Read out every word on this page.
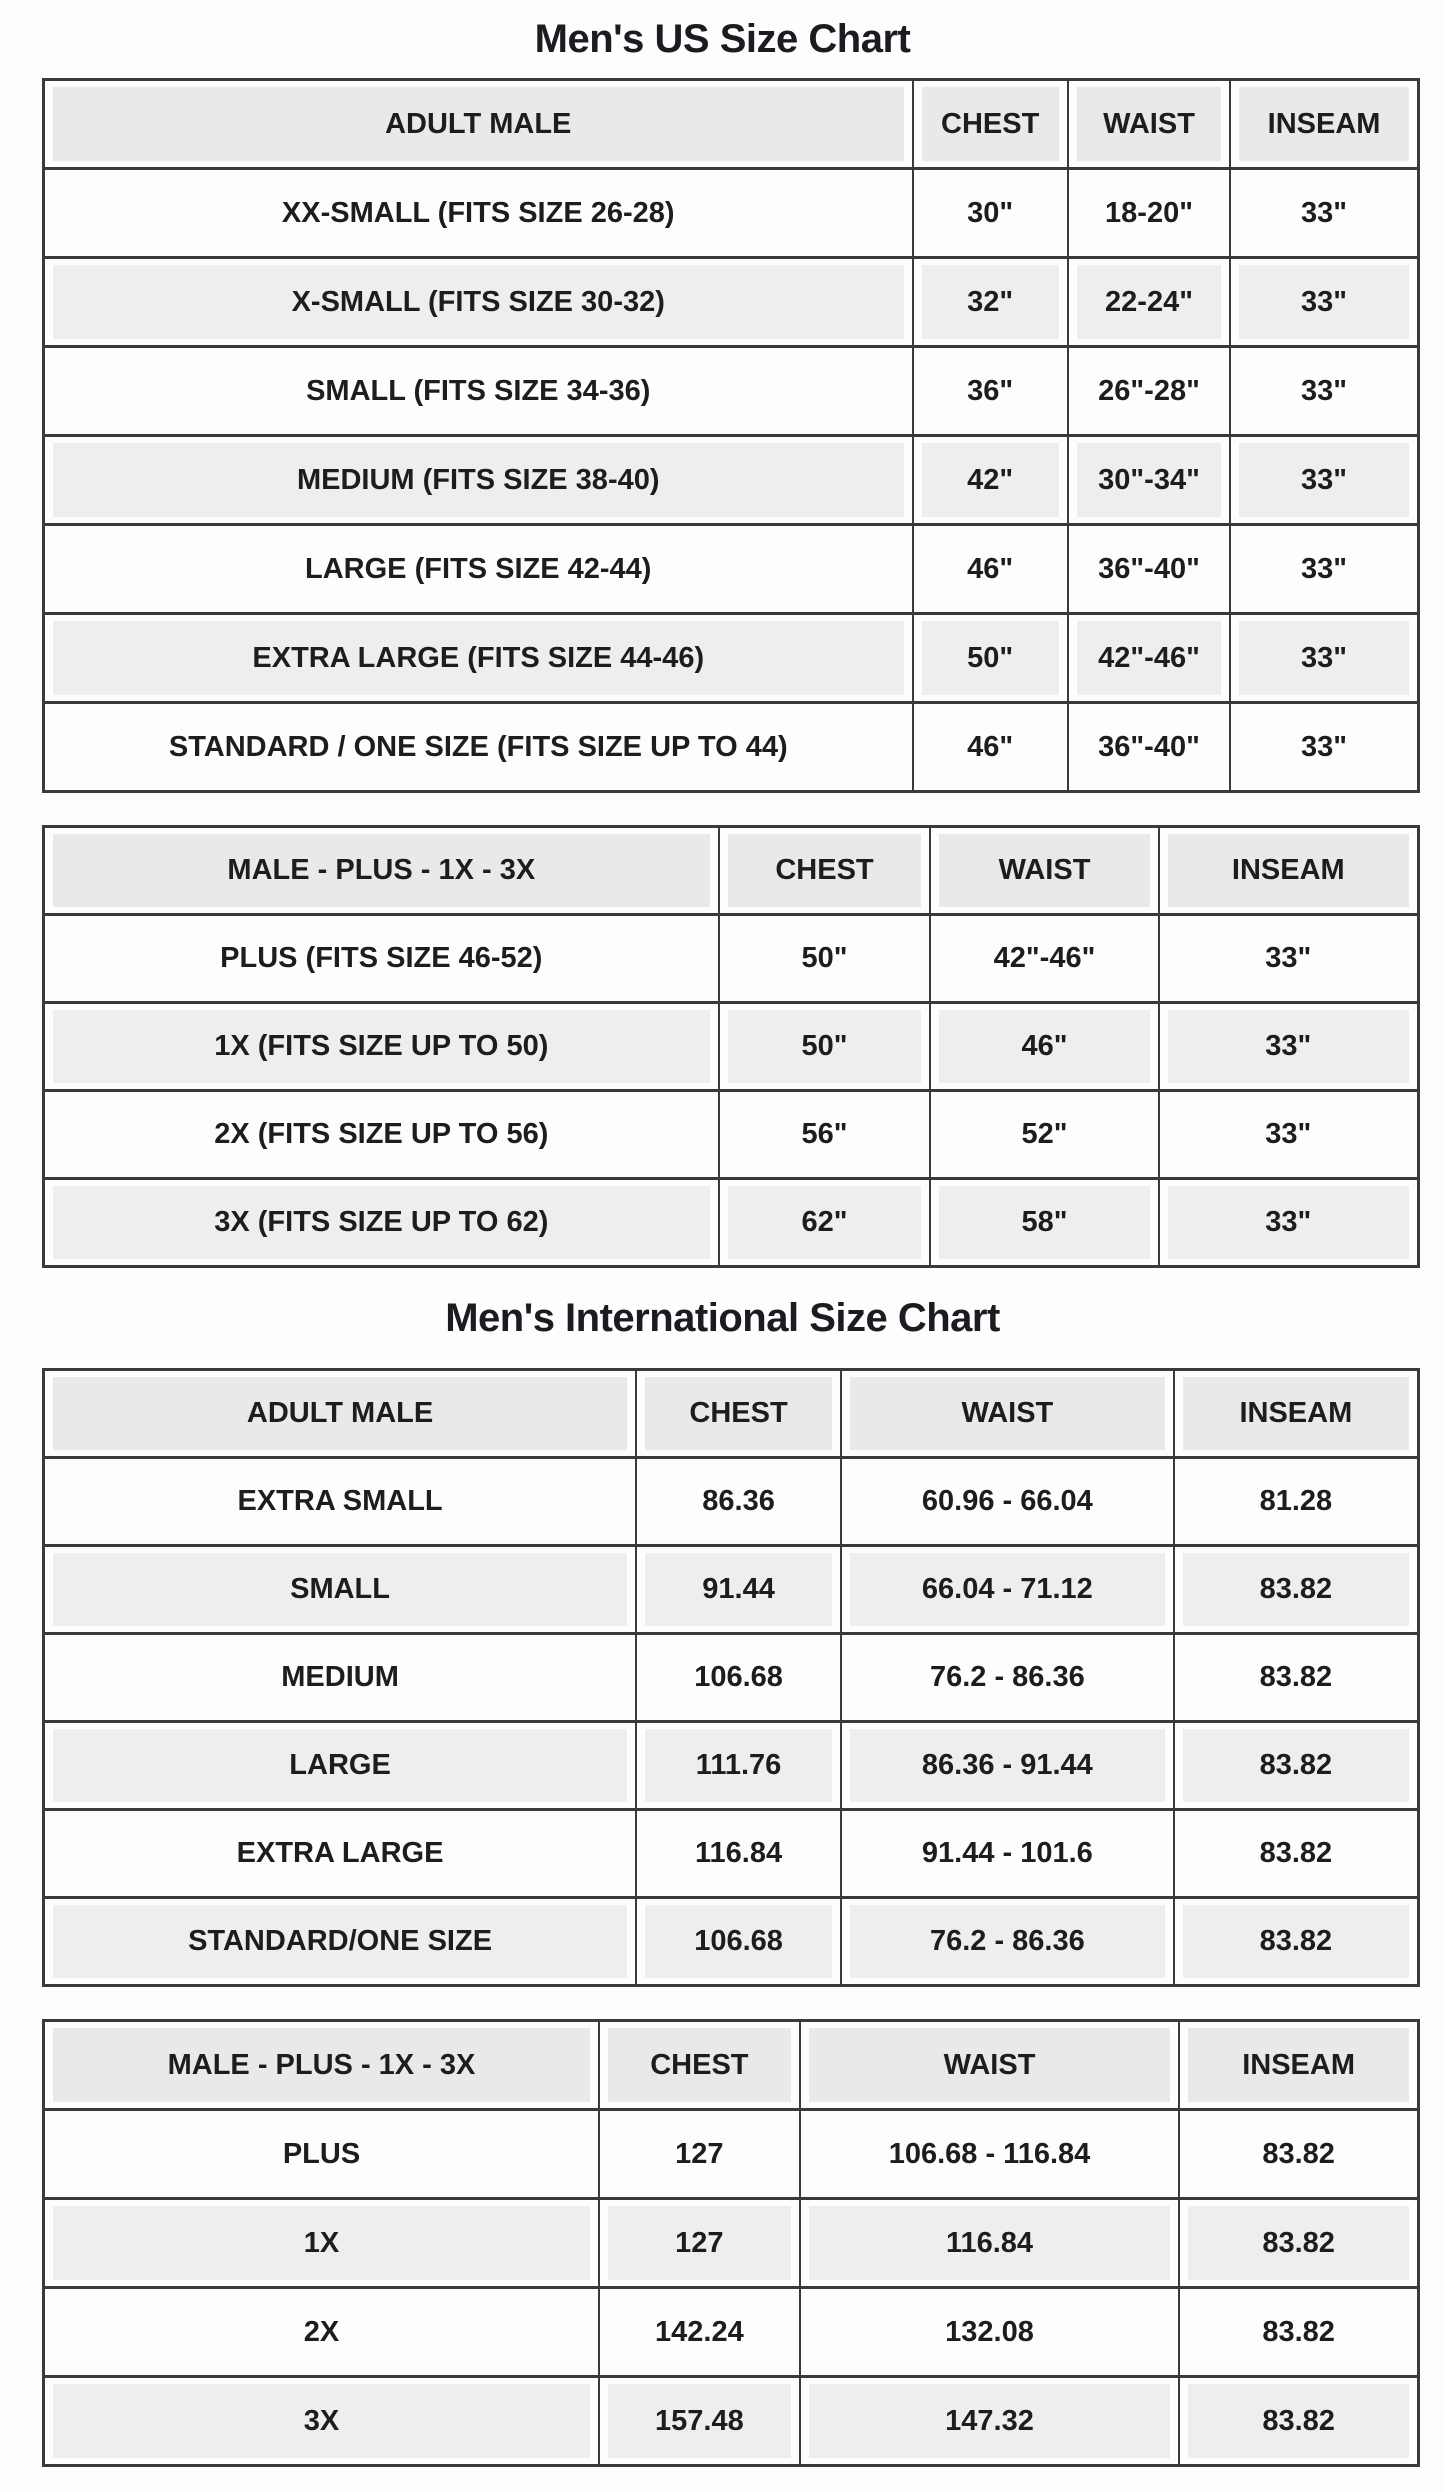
Men's US Size Chart
ADULT MALE	CHEST	WAIST	INSEAM

XX-SMALL (FITS SIZE 26-28)	30"	18-20"	33"

X-SMALL (FITS SIZE 30-32)	32"	22-24"	33"

SMALL (FITS SIZE 34-36)	36"	26"-28"	33"

MEDIUM (FITS SIZE 38-40)	42"	30"-34"	33"

LARGE (FITS SIZE 42-44)	46"	36"-40"	33"

EXTRA LARGE (FITS SIZE 44-46)	50"	42"-46"	33"

STANDARD / ONE SIZE (FITS SIZE UP TO 44)	46"	36"-40"	33"
MALE - PLUS - 1X - 3X	CHEST	WAIST	INSEAM

PLUS (FITS SIZE 46-52)	50"	42"-46"	33"

1X (FITS SIZE UP TO 50)	50"	46"	33"

2X (FITS SIZE UP TO 56)	56"	52"	33"

3X (FITS SIZE UP TO 62)	62"	58"	33"
Men's International Size Chart
ADULT MALE	CHEST	WAIST	INSEAM

EXTRA SMALL	86.36	60.96 - 66.04	81.28

SMALL	91.44	66.04 - 71.12	83.82

MEDIUM	106.68	76.2 - 86.36	83.82

LARGE	111.76	86.36 - 91.44	83.82

EXTRA LARGE	116.84	91.44 - 101.6	83.82

STANDARD/ONE SIZE	106.68	76.2 - 86.36	83.82
MALE - PLUS - 1X - 3X	CHEST	WAIST	INSEAM

PLUS	127	106.68 - 116.84	83.82

1X	127	116.84	83.82

2X	142.24	132.08	83.82

3X	157.48	147.32	83.82
